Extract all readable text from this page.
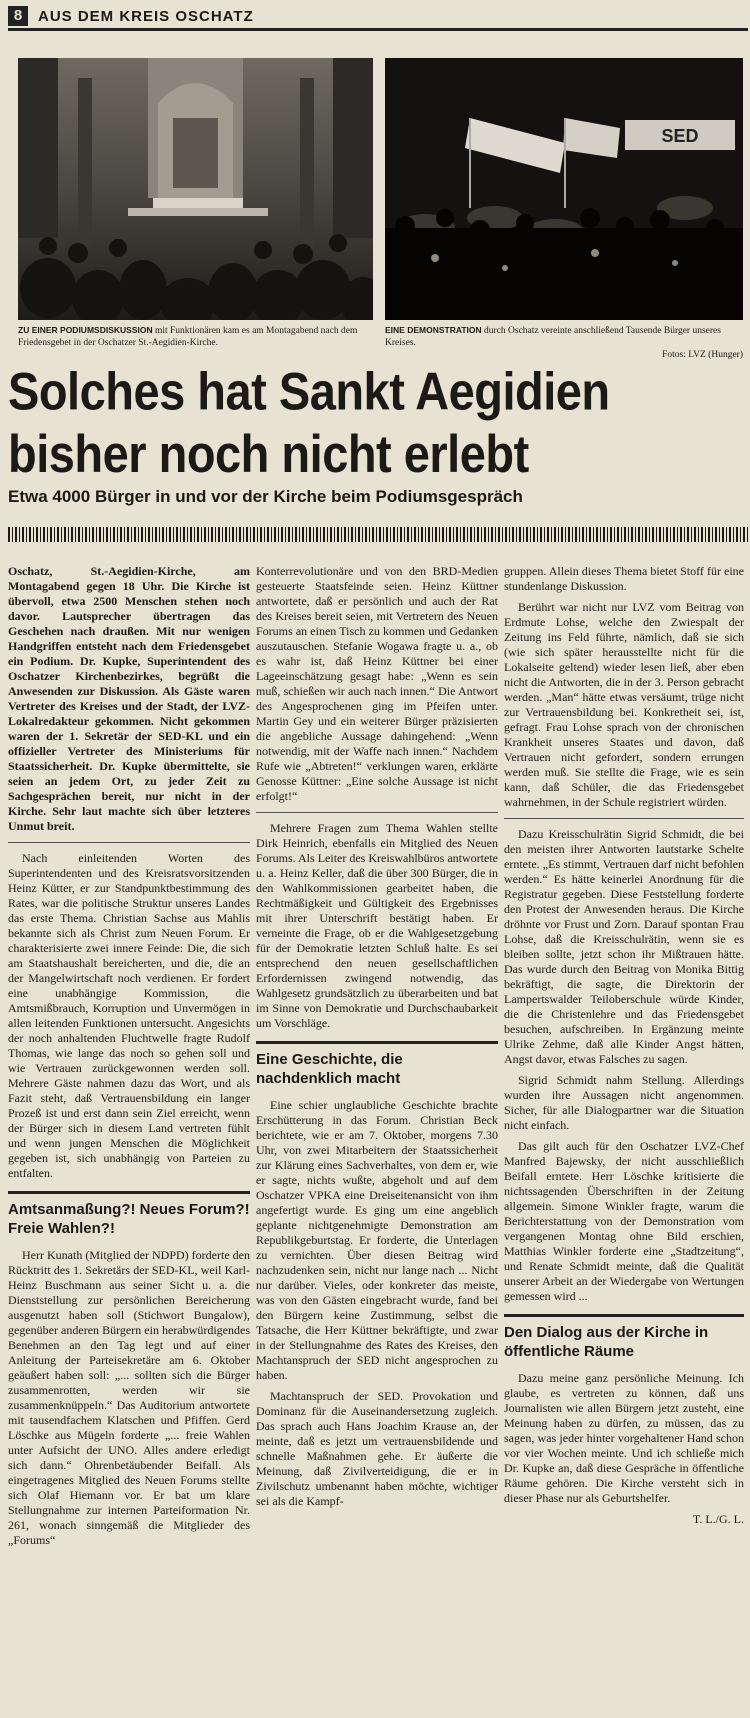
8	AUS DEM KREIS OSCHATZ
SED
ZU EINER PODIUMSDISKUSSION mit Funktionären kam es am Montagabend nach dem Friedensgebet in der Oschatzer St.-Aegidien-Kirche.
EINE DEMONSTRATION durch Oschatz vereinte anschließend Tausende Bürger unseres Kreises.
Fotos: LVZ (Hunger)
Solches hat Sankt Aegidien
bisher noch nicht erlebt
Etwa 4000 Bürger in und vor der Kirche beim Podiumsgespräch

Oschatz, St.-Aegidien-Kirche, am Montagabend gegen 18 Uhr. Die Kirche ist übervoll, etwa 2500 Menschen stehen noch davor. Lautsprecher übertragen das Geschehen nach draußen. Mit nur wenigen Handgriffen entsteht nach dem Friedensgebet ein Podium. Dr. Kupke, Superintendent des Oschatzer Kirchenbezirkes, begrüßt die Anwesenden zur Diskussion. Als Gäste waren Vertreter des Kreises und der Stadt, der LVZ-Lokalredakteur gekommen. Nicht gekommen waren der 1. Sekretär der SED-KL und ein offizieller Vertreter des Ministeriums für Staatssicherheit. Dr. Kupke übermittelte, sie seien an jedem Ort, zu jeder Zeit zu Sachgesprächen bereit, nur nicht in der Kirche. Sehr laut machte sich über letzteres Unmut breit.

Nach einleitenden Worten des Superintendenten und des Kreisratsvorsitzenden Heinz Kütter, er zur Standpunktbestimmung des Rates, war die politische Struktur unseres Landes das erste Thema. Christian Sachse aus Mahlis bekannte sich als Christ zum Neuen Forum. Er charakterisierte zwei innere Feinde: Die, die sich am Staatshaushalt bereicherten, und die, die an der Mangelwirtschaft noch verdienen. Er fordert eine unabhängige Kommission, die Amtsmißbrauch, Korruption und Unvermögen in allen leitenden Funktionen untersucht. Angesichts der noch anhaltenden Fluchtwelle fragte Rudolf Thomas, wie lange das noch so gehen soll und wie Vertrauen zurückgewonnen werden soll. Mehrere Gäste nahmen dazu das Wort, und als Fazit steht, daß Vertrauensbildung ein langer Prozeß ist und erst dann sein Ziel erreicht, wenn der Bürger sich in diesem Land vertreten fühlt und wenn jungen Menschen die Möglichkeit gegeben ist, sich unabhängig von Parteien zu entfalten.

Amtsanmaßung?! Neues Forum?! Freie Wahlen?!

Herr Kunath (Mitglied der NDPD) forderte den Rücktritt des 1. Sekretärs der SED-KL, weil Karl-Heinz Buschmann aus seiner Sicht u. a. die Dienststellung zur persönlichen Bereicherung ausgenutzt haben soll (Stichwort Bungalow), gegenüber anderen Bürgern ein herabwürdigendes Benehmen an den Tag legt und auf einer Anleitung der Parteisekretäre am 6. Oktober geäußert haben soll: „... sollten sich die Bürger zusammenrotten, werden wir sie zusammenknüppeln.“ Das Auditorium antwortete mit tausendfachem Klatschen und Pfiffen. Gerd Löschke aus Mügeln forderte „... freie Wahlen unter Aufsicht der UNO. Alles andere erledigt sich dann.“ Ohrenbetäubender Beifall. Als eingetragenes Mitglied des Neuen Forums stellte sich Olaf Hiemann vor. Er bat um klare Stellungnahme zur internen Parteiformation Nr. 261, wonach sinngemäß die Mitglieder des „Forums“

Konterrevolutionäre und von den BRD-Medien gesteuerte Staatsfeinde seien. Heinz Küttner antwortete, daß er persönlich und auch der Rat des Kreises bereit seien, mit Vertretern des Neuen Forums an einen Tisch zu kommen und Gedanken auszutauschen. Stefanie Wogawa fragte u. a., ob es wahr ist, daß Heinz Küttner bei einer Lageeinschätzung gesagt habe: „Wenn es sein muß, schießen wir auch nach innen.“ Die Antwort des Angesprochenen ging im Pfeifen unter. Martin Gey und ein weiterer Bürger präzisierten die angebliche Aussage dahingehend: „Wenn notwendig, mit der Waffe nach innen.“ Nachdem Rufe wie „Abtreten!“ verklungen waren, erklärte Genosse Küttner: „Eine solche Aussage ist nicht erfolgt!“

Mehrere Fragen zum Thema Wahlen stellte Dirk Heinrich, ebenfalls ein Mitglied des Neuen Forums. Als Leiter des Kreiswahlbüros antwortete u. a. Heinz Keller, daß die über 300 Bürger, die in den Wahlkommissionen gearbeitet haben, die Rechtmäßigkeit und Gültigkeit des Ergebnisses mit ihrer Unterschrift bestätigt haben. Er verneinte die Frage, ob er die Wahlgesetzgebung für der Demokratie letzten Schluß halte. Es sei entsprechend den neuen gesellschaftlichen Erfordernissen zwingend notwendig, das Wahlgesetz grundsätzlich zu überarbeiten und bat im Sinne von Demokratie und Durchschaubarkeit um Vorschläge.

Eine Geschichte, die nachdenklich macht

Eine schier unglaubliche Geschichte brachte Erschütterung in das Forum. Christian Beck berichtete, wie er am 7. Oktober, morgens 7.30 Uhr, von zwei Mitarbeitern der Staatssicherheit zur Klärung eines Sachverhaltes, von dem er, wie er sagte, nichts wußte, abgeholt und auf dem Oschatzer VPKA eine Dreiseitenansicht von ihm angefertigt wurde. Es ging um eine angeblich geplante nichtgenehmigte Demonstration am Republikgeburtstag. Er forderte, die Unterlagen zu vernichten. Über diesen Beitrag wird nachzudenken sein, nicht nur lange nach ... Nicht nur darüber. Vieles, oder konkreter das meiste, was von den Gästen eingebracht wurde, fand bei den Bürgern keine Zustimmung, selbst die Tatsache, die Herr Küttner bekräftigte, und zwar in der Stellungnahme des Rates des Kreises, den Machtanspruch der SED nicht angesprochen zu haben.

Machtanspruch der SED. Provokation und Dominanz für die Auseinandersetzung zugleich. Das sprach auch Hans Joachim Krause an, der meinte, daß es jetzt um vertrauensbildende und schnelle Maßnahmen gehe. Er äußerte die Meinung, daß Zivilverteidigung, die er in Zivilschutz umbenannt haben möchte, wichtiger sei als die Kampf-

gruppen. Allein dieses Thema bietet Stoff für eine stundenlange Diskussion.

Berührt war nicht nur LVZ vom Beitrag von Erdmute Lohse, welche den Zwiespalt der Zeitung ins Feld führte, nämlich, daß sie sich (wie sich später herausstellte nicht für die Lokalseite geltend) wieder lesen ließ, aber eben nicht die Antworten, die in der 3. Person gebracht werden. „Man“ hätte etwas versäumt, trüge nicht zur Vertrauensbildung bei. Konkretheit sei, ist, gefragt. Frau Lohse sprach von der chronischen Krankheit unseres Staates und davon, daß Vertrauen nicht gefordert, sondern errungen werden muß. Sie stellte die Frage, wie es sein kann, daß Schüler, die das Friedensgebet wahrnehmen, in der Schule registriert würden.

Dazu Kreisschulrätin Sigrid Schmidt, die bei den meisten ihrer Antworten lautstarke Schelte erntete. „Es stimmt, Vertrauen darf nicht befohlen werden.“ Es hätte keinerlei Anordnung für die Registratur gegeben. Diese Feststellung forderte den Protest der Anwesenden heraus. Die Kirche dröhnte vor Frust und Zorn. Darauf spontan Frau Lohse, daß die Kreisschulrätin, wenn sie es bleiben sollte, jetzt schon ihr Mißtrauen hätte. Das wurde durch den Beitrag von Monika Bittig bekräftigt, die sagte, die Direktorin der Lampertswalder Teiloberschule würde Kinder, die die Christenlehre und das Friedensgebet besuchen, aufschreiben. In Ergänzung meinte Ulrike Zehme, daß alle Kinder Angst hätten, Angst davor, etwas Falsches zu sagen.

Sigrid Schmidt nahm Stellung. Allerdings wurden ihre Aussagen nicht angenommen. Sicher, für alle Dialogpartner war die Situation nicht einfach.

Das gilt auch für den Oschatzer LVZ-Chef Manfred Bajewsky, der nicht ausschließlich Beifall erntete. Herr Löschke kritisierte die nichtssagenden Überschriften in der Zeitung allgemein. Simone Winkler fragte, warum die Berichterstattung von der Demonstration vom vergangenen Montag ohne Bild erschien, Matthias Winkler forderte eine „Stadtzeitung“, und Renate Schmidt meinte, daß die Qualität unserer Arbeit an der Wiedergabe von Wertungen gemessen wird ...

Den Dialog aus der Kirche in öffentliche Räume

Dazu meine ganz persönliche Meinung. Ich glaube, es vertreten zu können, daß uns Journalisten wie allen Bürgern jetzt zusteht, eine Meinung haben zu dürfen, zu müssen, das zu sagen, was jeder hinter vorgehaltener Hand schon vor vier Wochen meinte. Und ich schließe mich Dr. Kupke an, daß diese Gespräche in öffentliche Räume gehören. Die Kirche versteht sich in dieser Phase nur als Geburtshelfer.

T. L./G. L.
